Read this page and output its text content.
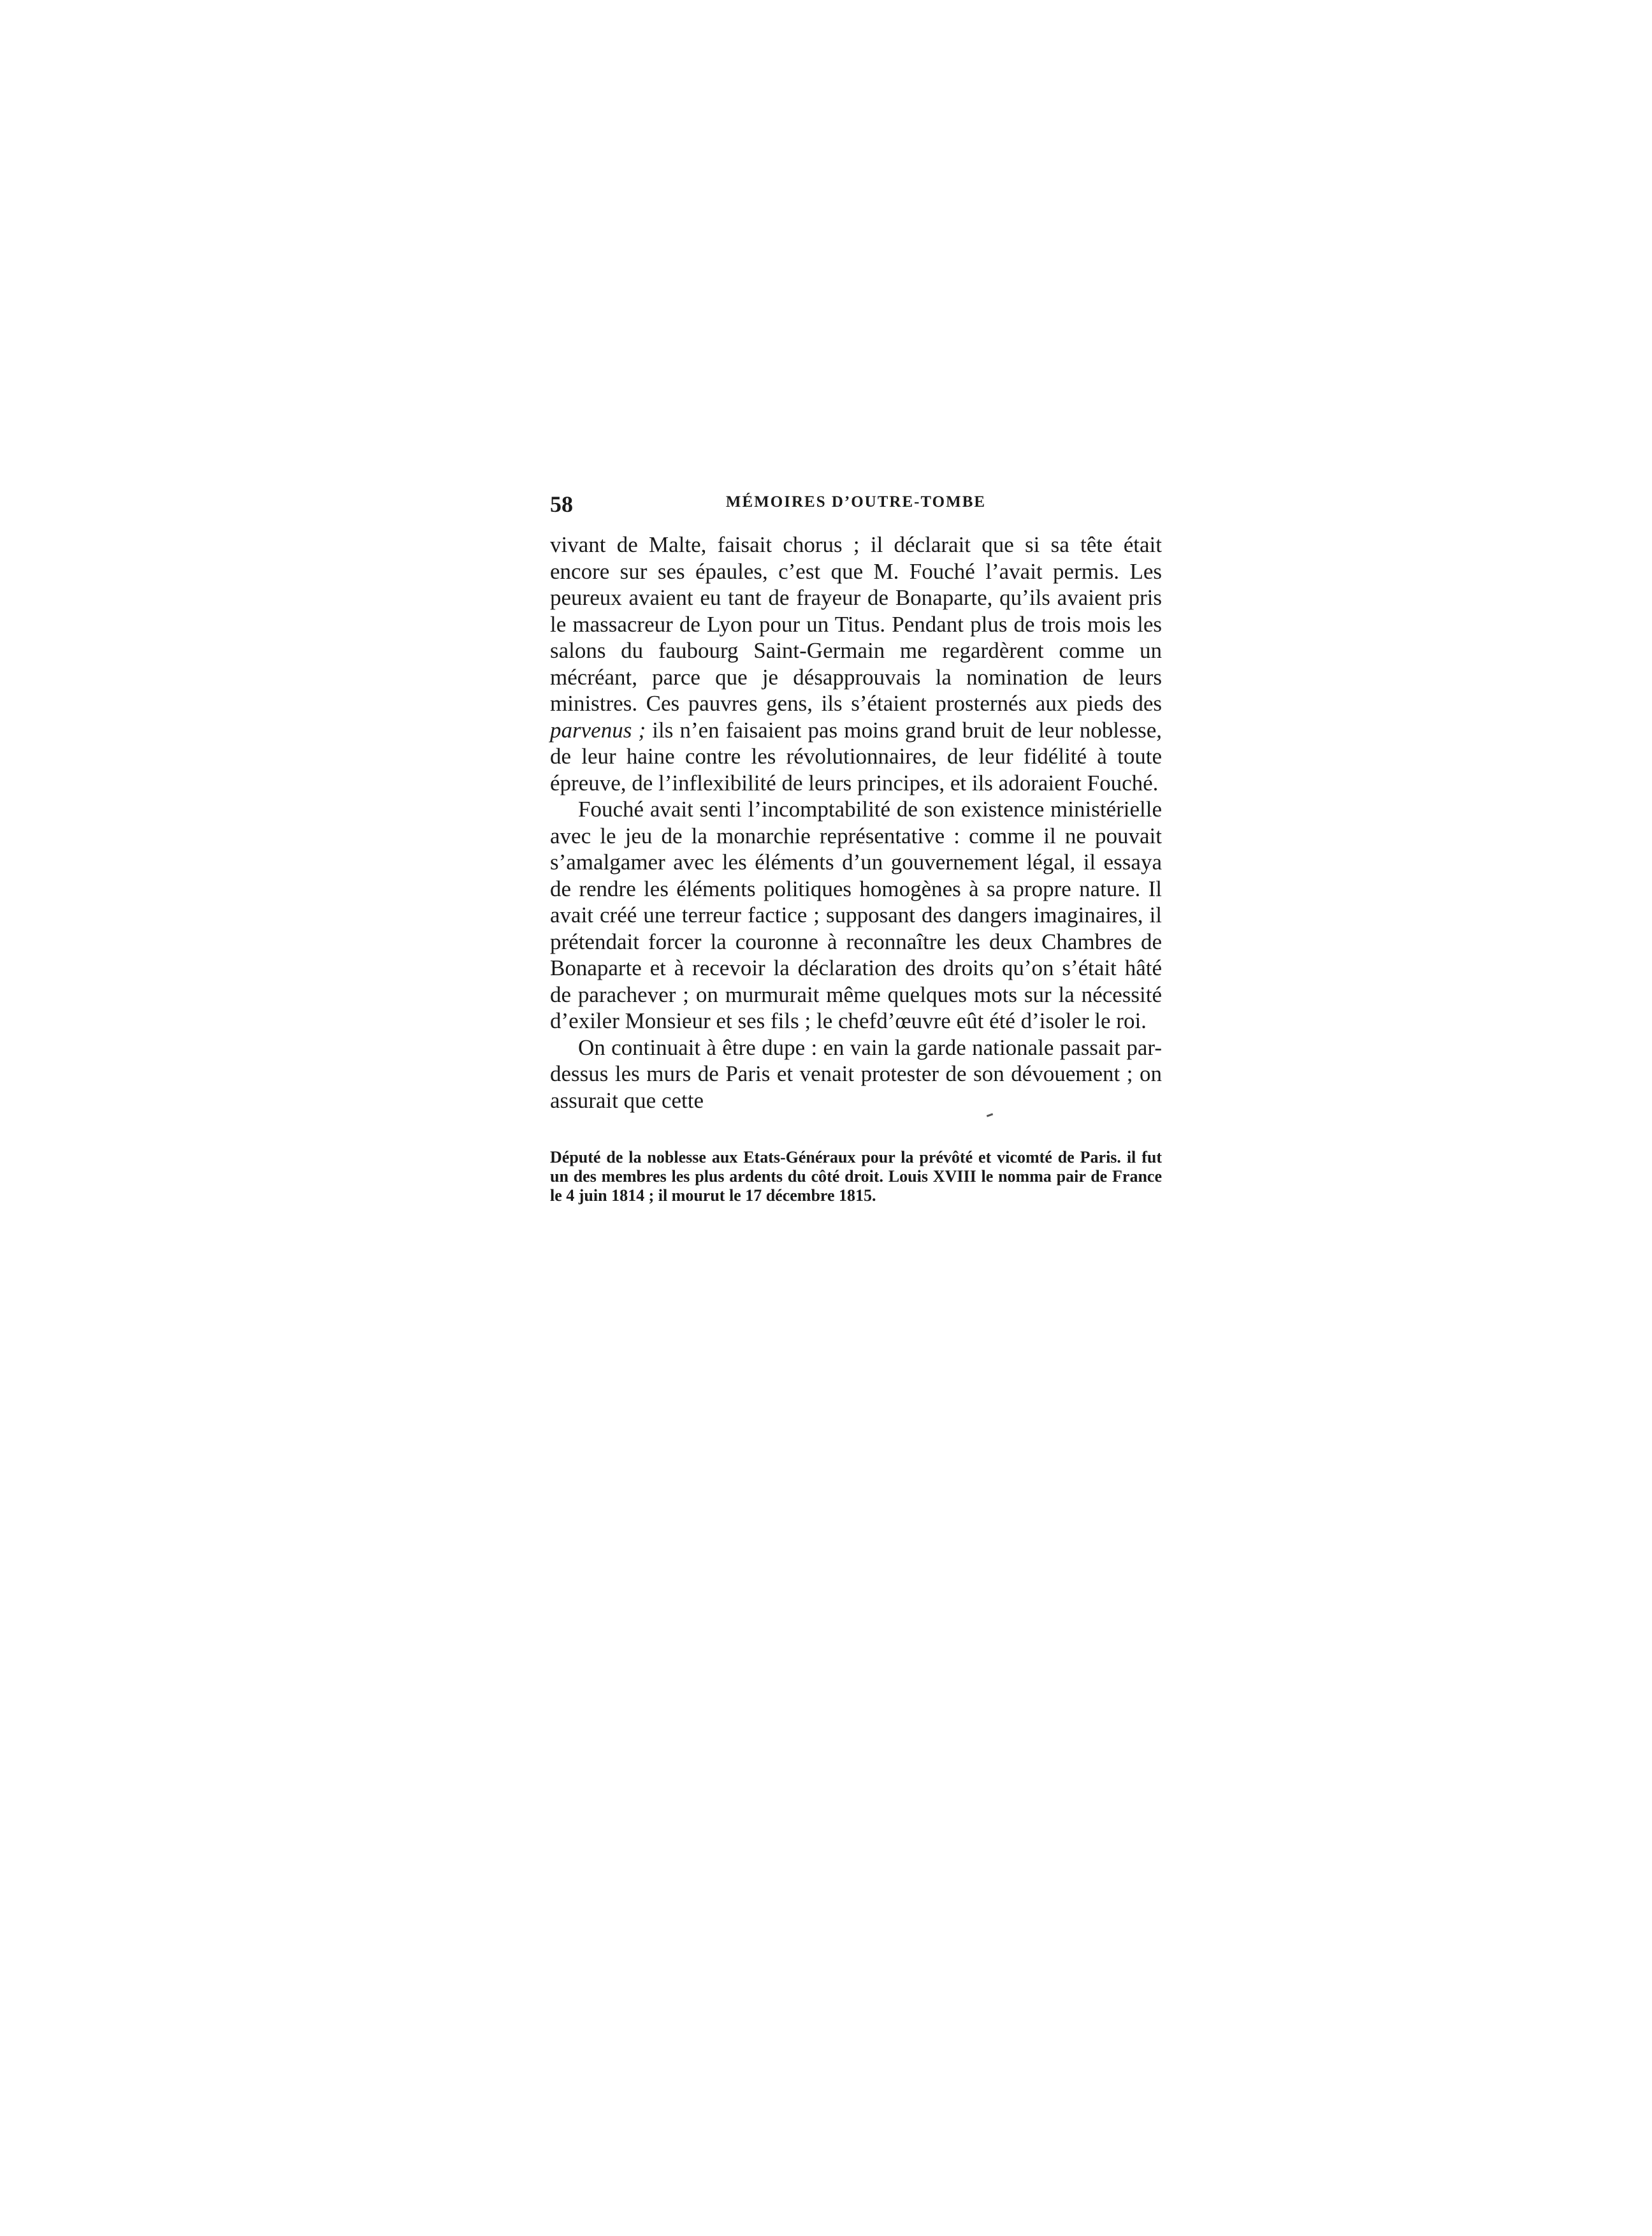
58	MÉMOIRES D’OUTRE-TOMBE

vivant de Malte, faisait chorus ; il déclarait que si sa tête était encore sur ses épaules, c’est que M. Fouché l’avait permis. Les peureux avaient eu tant de frayeur de Bonaparte, qu’ils avaient pris le massacreur de Lyon pour un Titus. Pendant plus de trois mois les salons du faubourg Saint-Germain me regardèrent comme un mécréant, parce que je désapprouvais la nomination de leurs ministres. Ces pauvres gens, ils s’étaient prosternés aux pieds des parvenus ; ils n’en faisaient pas moins grand bruit de leur noblesse, de leur haine contre les révolutionnaires, de leur fidélité à toute épreuve, de l’inflexibilité de leurs principes, et ils adoraient Fouché.

Fouché avait senti l’incomptabilité de son existence ministérielle avec le jeu de la monarchie représentative : comme il ne pouvait s’amalgamer avec les éléments d’un gouvernement légal, il essaya de rendre les éléments politiques homogènes à sa propre nature. Il avait créé une terreur factice ; supposant des dangers imaginaires, il prétendait forcer la couronne à reconnaître les deux Chambres de Bonaparte et à recevoir la déclaration des droits qu’on s’était hâté de parachever ; on murmurait même quelques mots sur la nécessité d’exiler Monsieur et ses fils ; le chefd’œuvre eût été d’isoler le roi.

On continuait à être dupe : en vain la garde nationale passait par-dessus les murs de Paris et venait protester de son dévouement ; on assurait que cette

Député de la noblesse aux Etats-Généraux pour la prévôté et vicomté de Paris. il fut un des membres les plus ardents du côté droit. Louis XVIII le nomma pair de France le 4 juin 1814 ; il mourut le 17 décembre 1815.
